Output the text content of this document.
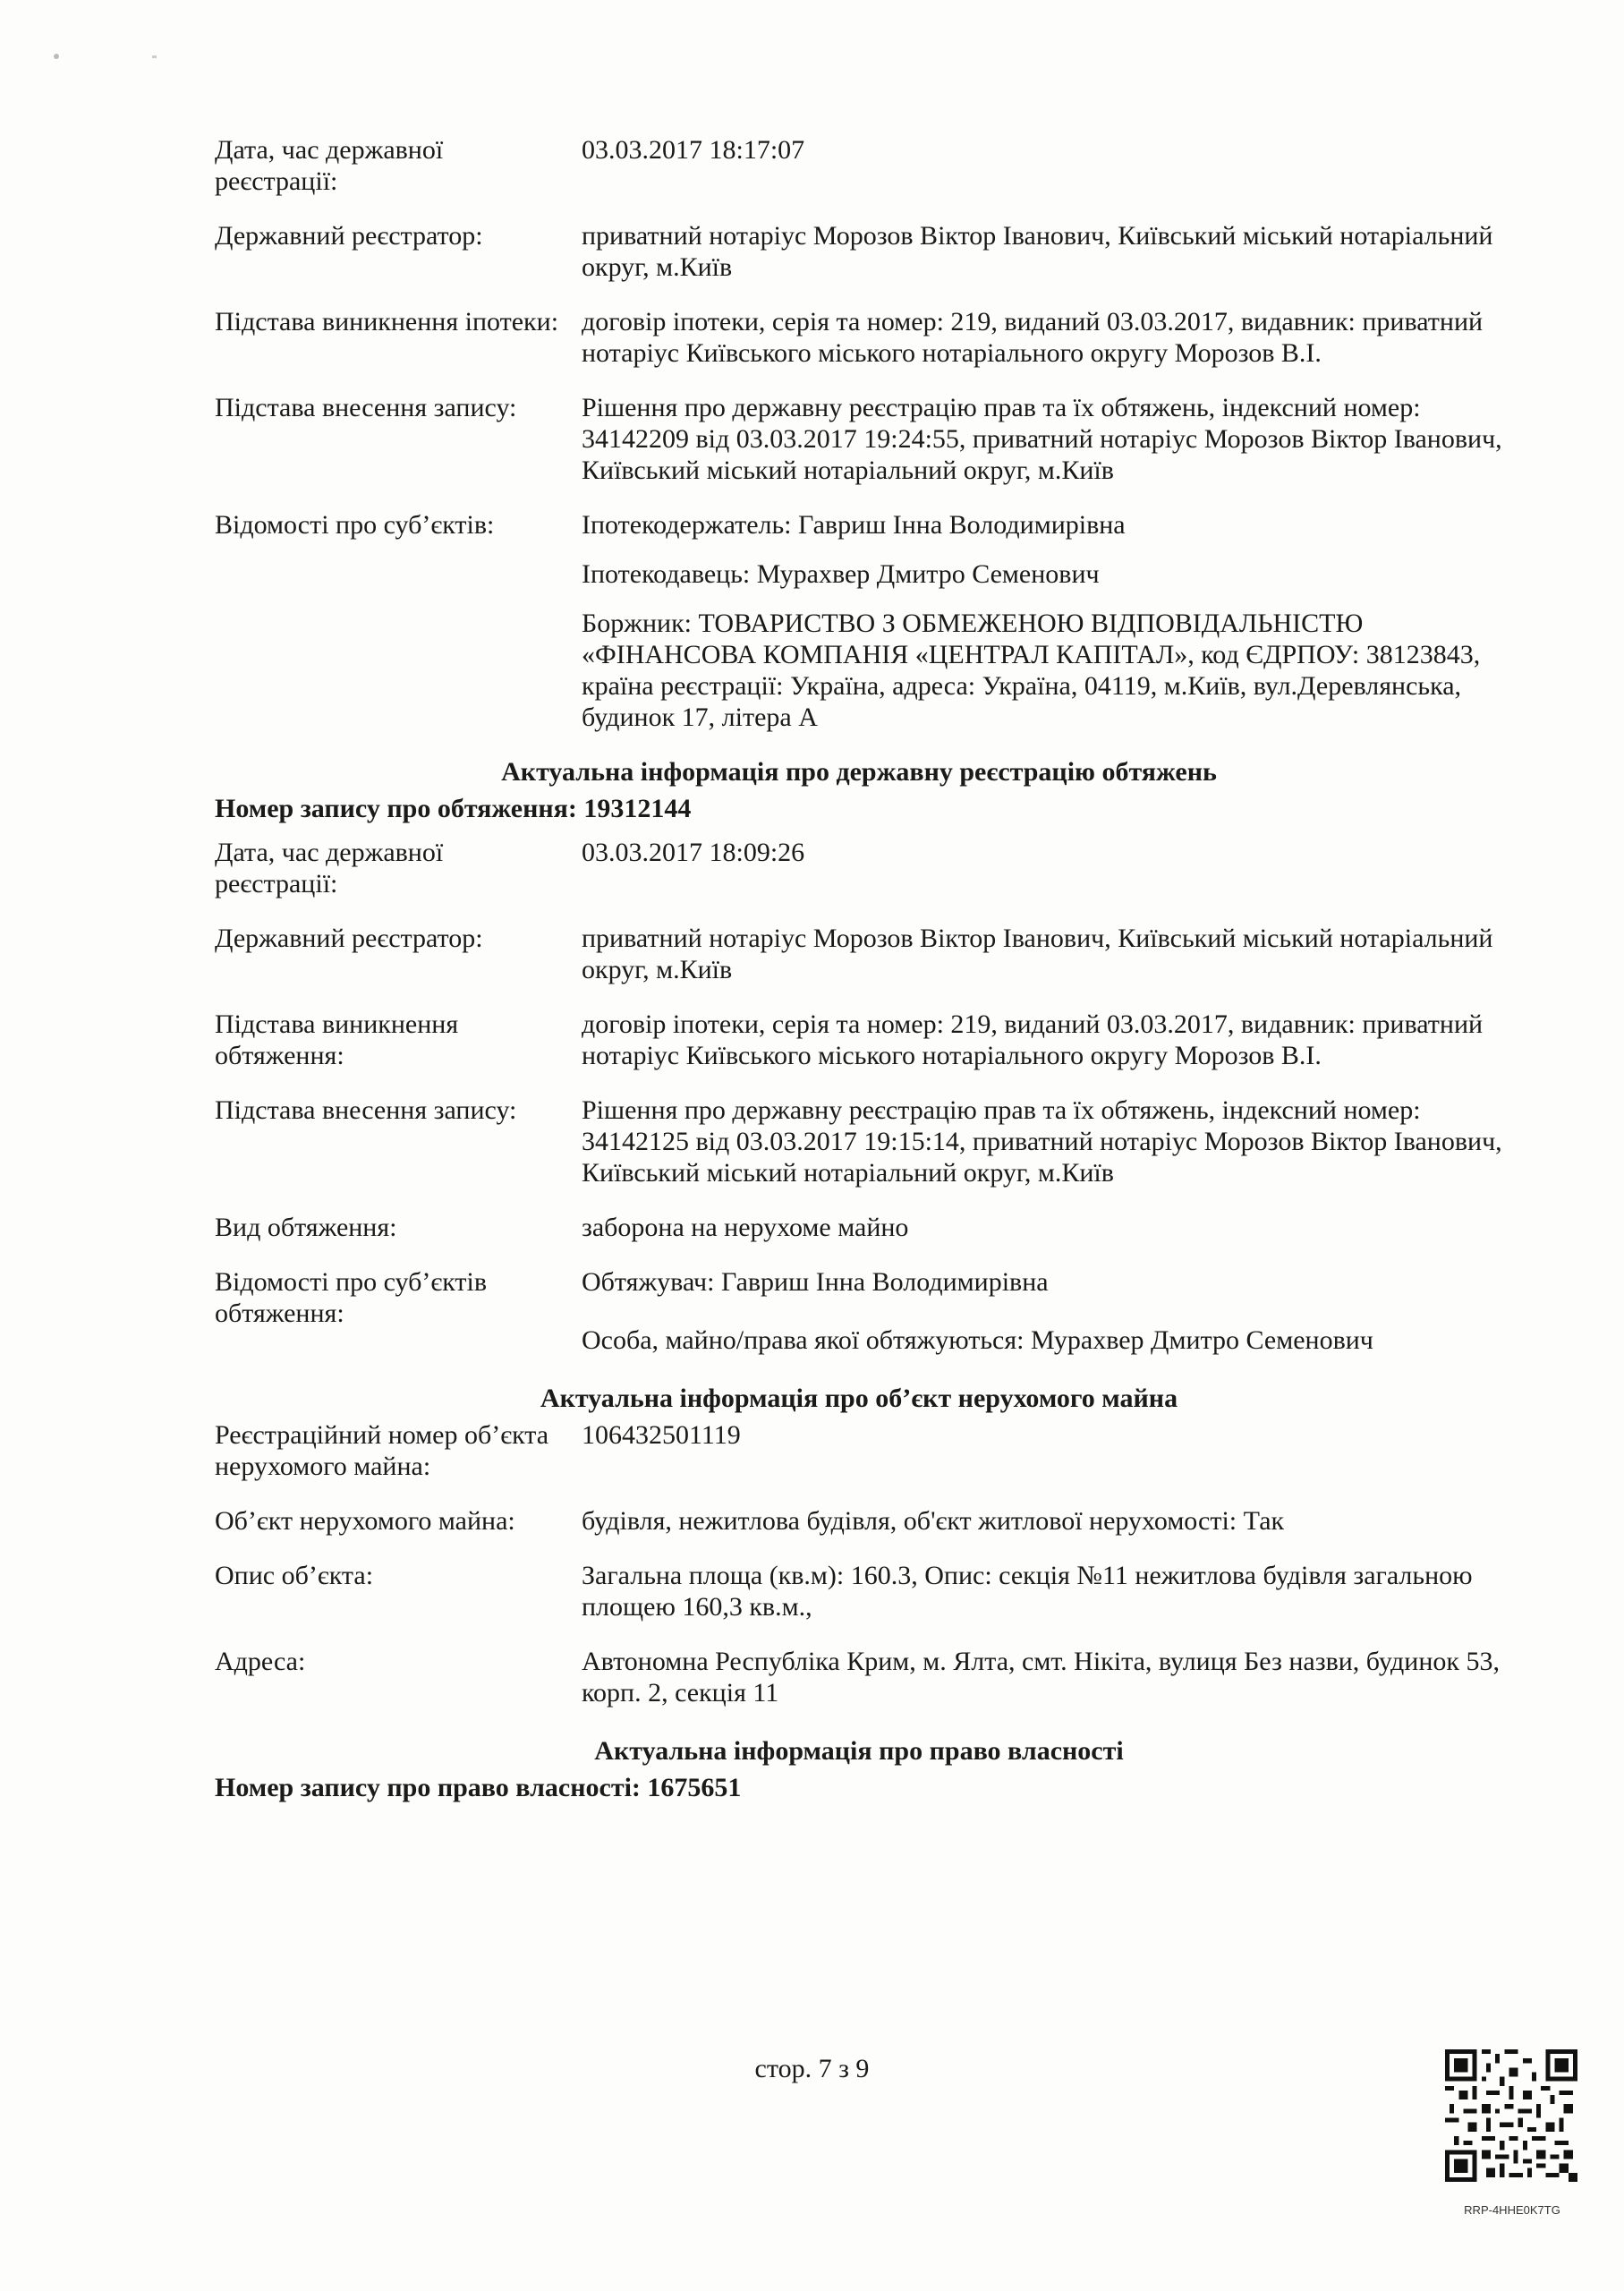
Дата, час державної реєстрації:
03.03.2017 18:17:07
Державний реєстратор:	приватний нотаріус Морозов Віктор Іванович, Київський міський нотаріальний округ, м.Київ
Підстава виникнення іпотеки: договір іпотеки, серія та номер: 219, виданий 03.03.2017, видавник: приватний нотаріус Київського міського нотаріального округу Морозов В.І.
Підстава внесення запису:	Рішення про державну реєстрацію прав та їх обтяжень, індексний номер: 34142209 від 03.03.2017 19:24:55, приватний нотаріус Морозов Віктор Іванович, Київський міський нотаріальний округ, м.Київ
Відомості про суб’єктів:	Іпотекодержатель: Гавриш Інна Володимирівна
Іпотекодавець: Мурахвер Дмитро Семенович
Боржник: ТОВАРИСТВО З ОБМЕЖЕНОЮ ВІДПОВІДАЛЬНІСТЮ «ФІНАНСОВА КОМПАНІЯ «ЦЕНТРАЛ КАПІТАЛ», код ЄДРПОУ: 38123843, країна реєстрації: Україна, адреса: Україна, 04119, м.Київ, вул.Деревлянська, будинок 17, літера А
Актуальна інформація про державну реєстрацію обтяжень
Номер запису про обтяження: 19312144
Дата, час державної реєстрації:
03.03.2017 18:09:26
Державний реєстратор:	приватний нотаріус Морозов Віктор Іванович, Київський міський нотаріальний округ, м.Київ
Підстава виникнення обтяження:
договір іпотеки, серія та номер: 219, виданий 03.03.2017, видавник: приватний нотаріус Київського міського нотаріального округу Морозов В.І.
Підстава внесення запису:	Рішення про державну реєстрацію прав та їх обтяжень, індексний номер: 34142125 від 03.03.2017 19:15:14, приватний нотаріус Морозов Віктор Іванович, Київський міський нотаріальний округ, м.Київ
Вид обтяження:	заборона на нерухоме майно
Відомості про суб’єктів обтяження:
Обтяжувач: Гавриш Інна Володимирівна
Особа, майно/права якої обтяжуються: Мурахвер Дмитро Семенович
Актуальна інформація про об’єкт нерухомого майна
Реєстраційний номер об’єкта нерухомого майна:
106432501119
Об’єкт нерухомого майна:	будівля, нежитлова будівля, об'єкт житлової нерухомості: Так
Опис об’єкта:	Загальна площа (кв.м): 160.3, Опис: секція №11 нежитлова будівля загальною площею 160,3 кв.м.,
Адреса:	Автономна Республіка Крим, м. Ялта, смт. Нікіта, вулиця Без назви, будинок 53, корп. 2, секція 11
Актуальна інформація про право власності
Номер запису про право власності: 1675651
стор. 7 з 9
RRP-4HHE0K7TG
